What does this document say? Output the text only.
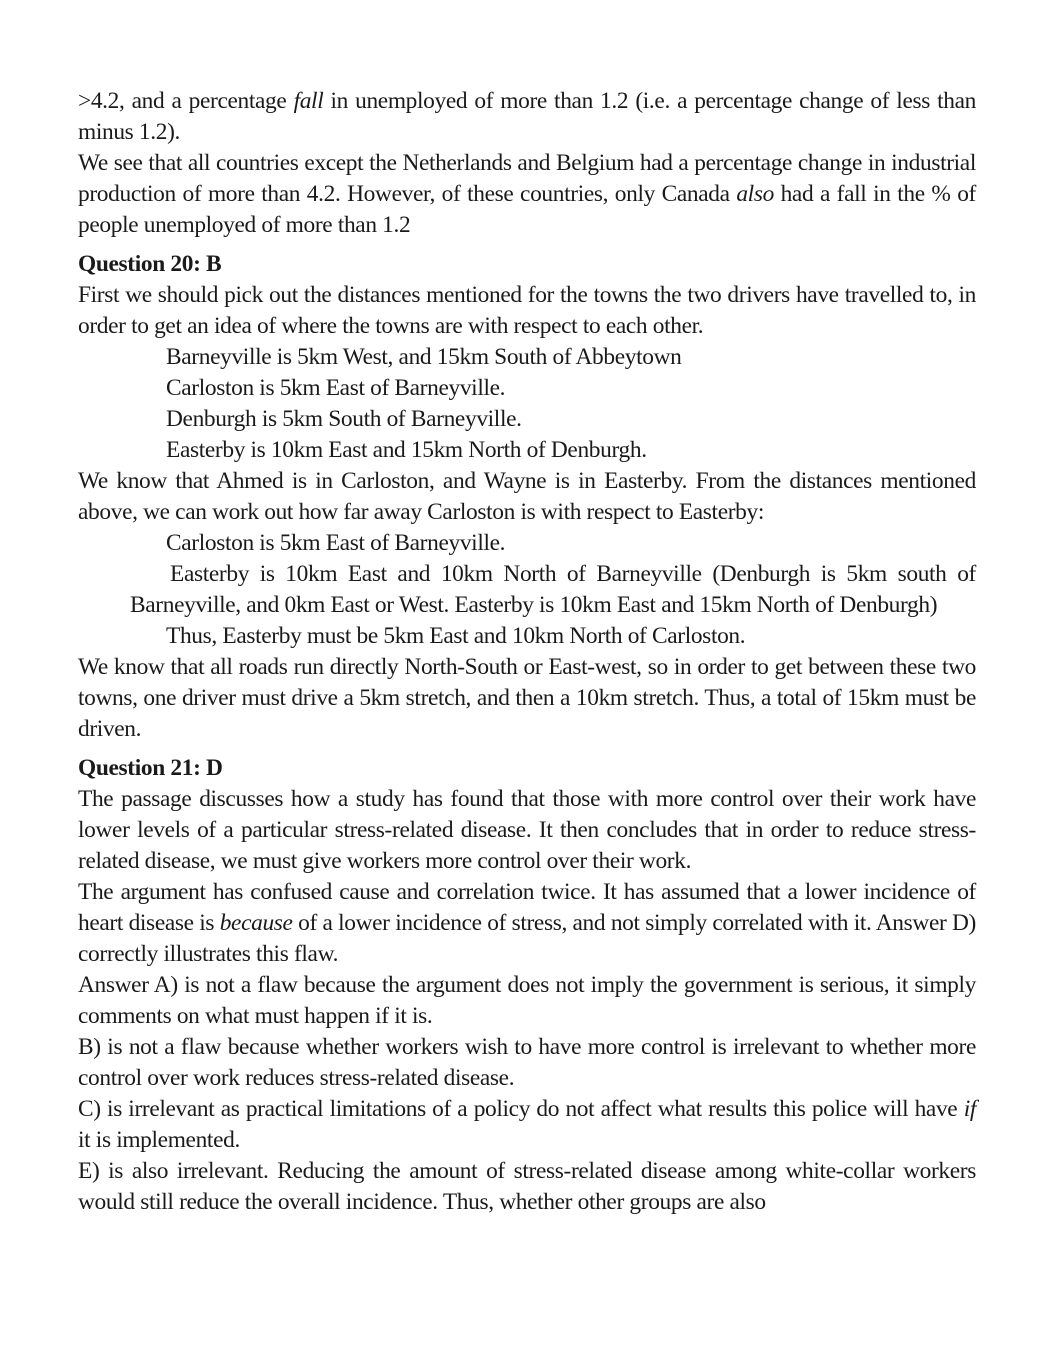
>4.2, and a percentage fall in unemployed of more than 1.2 (i.e. a percentage change of less than minus 1.2).

We see that all countries except the Netherlands and Belgium had a percentage change in industrial production of more than 4.2. However, of these countries, only Canada also had a fall in the % of people unemployed of more than 1.2

Question 20: B

First we should pick out the distances mentioned for the towns the two drivers have travelled to, in order to get an idea of where the towns are with respect to each other.

Barneyville is 5km West, and 15km South of Abbeytown

Carloston is 5km East of Barneyville.

Denburgh is 5km South of Barneyville.

Easterby is 10km East and 15km North of Denburgh.

We know that Ahmed is in Carloston, and Wayne is in Easterby. From the distances mentioned above, we can work out how far away Carloston is with respect to Easterby:

Carloston is 5km East of Barneyville.

Easterby is 10km East and 10km North of Barneyville (Denburgh is 5km south of Barneyville, and 0km East or West. Easterby is 10km East and 15km North of Denburgh)

Thus, Easterby must be 5km East and 10km North of Carloston.

We know that all roads run directly North-South or East-west, so in order to get between these two towns, one driver must drive a 5km stretch, and then a 10km stretch. Thus, a total of 15km must be driven.

Question 21: D

The passage discusses how a study has found that those with more control over their work have lower levels of a particular stress-related disease. It then concludes that in order to reduce stress-related disease, we must give workers more control over their work.

The argument has confused cause and correlation twice. It has assumed that a lower incidence of heart disease is because of a lower incidence of stress, and not simply correlated with it. Answer D) correctly illustrates this flaw.

Answer A) is not a flaw because the argument does not imply the government is serious, it simply comments on what must happen if it is.

B) is not a flaw because whether workers wish to have more control is irrelevant to whether more control over work reduces stress-related disease.

C) is irrelevant as practical limitations of a policy do not affect what results this police will have if it is implemented.

E) is also irrelevant. Reducing the amount of stress-related disease among white-collar workers would still reduce the overall incidence. Thus, whether other groups are also
